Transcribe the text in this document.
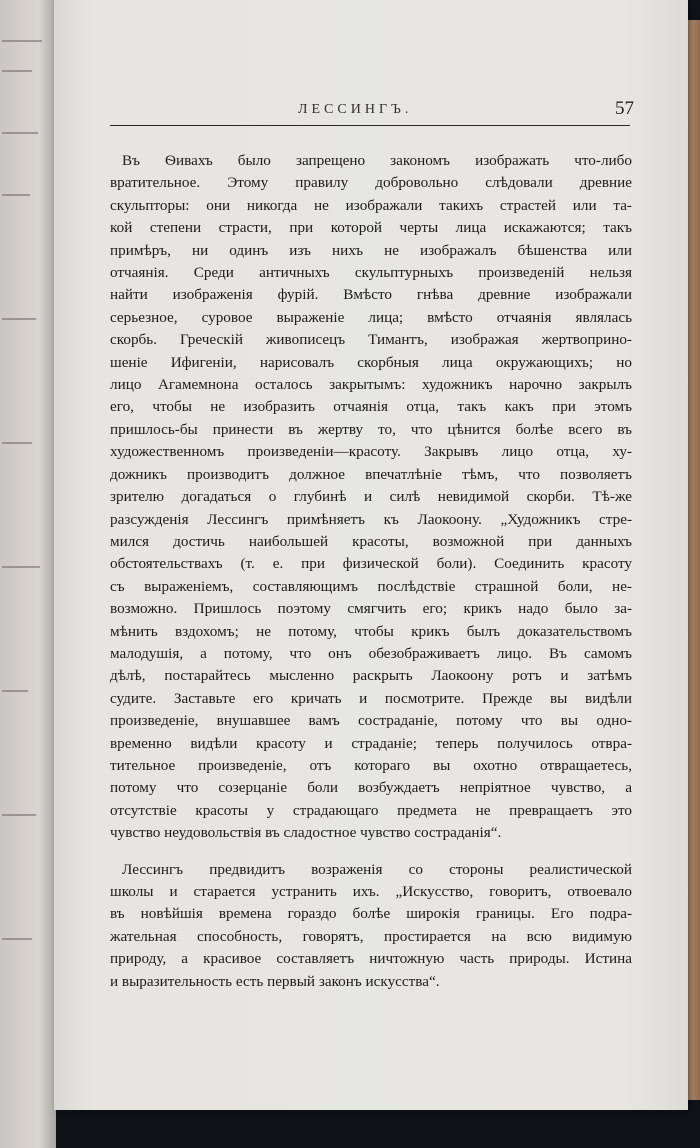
ЛЕССИНГЪ.	57
Въ Ѳивахъ было запрещено закономъ изображать что-либо
вратительное. Этому правилу добровольно слѣдовали древние
скульпторы: они никогда не изображали такихъ страстей или та-
кой степени страсти, при которой черты лица искажаются; такъ
примѣръ, ни одинъ изъ нихъ не изображалъ бѣшенства или
отчаянія. Среди античныхъ скульптурныхъ произведеній нельзя
найти изображенія фурій. Вмѣсто гнѣва древние изображали
серьезное, суровое выраженіе лица; вмѣсто отчаянія являлась
скорбь. Греческій живописецъ Тимантъ, изображая жертвоприно-
шеніе Ифигеніи, нарисовалъ скорбныя лица окружающихъ; но
лицо Агамемнона осталось закрытымъ: художникъ нарочно закрылъ
его, чтобы не изобразить отчаянія отца, такъ какъ при этомъ
пришлось-бы принести въ жертву то, что цѣнится болѣе всего въ
художественномъ произведеніи—красоту. Закрывъ лицо отца, ху-
дожникъ производитъ должное впечатлѣніе тѣмъ, что позволяетъ
зрителю догадаться о глубинѣ и силѣ невидимой скорби. Тѣ-же
разсужденія Лессингъ примѣняетъ къ Лаокоону. „Художникъ стре-
мился достичь наибольшей красоты, возможной при данныхъ
обстоятельствахъ (т. е. при физической боли). Соединить красоту
съ выраженіемъ, составляющимъ послѣдствіе страшной боли, не-
возможно. Пришлось поэтому смягчить его; крикъ надо было за-
мѣнить вздохомъ; не потому, чтобы крикъ былъ доказательствомъ
малодушія, а потому, что онъ обезображиваетъ лицо. Въ самомъ
дѣлѣ, постарайтесь мысленно раскрыть Лаокоону ротъ и затѣмъ
судите. Заставьте его кричать и посмотрите. Прежде вы видѣли
произведеніе, внушавшее вамъ состраданіе, потому что вы одно-
временно видѣли красоту и страданіе; теперь получилось отвра-
тительное произведеніе, отъ котораго вы охотно отвращаетесь,
потому что созерцаніе боли возбуждаетъ непріятное чувство, а
отсутствіе красоты у страдающаго предмета не превращаетъ это
чувство неудовольствія въ сладостное чувство состраданія“.
Лессингъ предвидитъ возраженія со стороны реалистической
школы и старается устранить ихъ. „Искусство, говоритъ, отвоевало
въ новѣйшія времена гораздо болѣе широкія границы. Его подра-
жательная способность, говорятъ, простирается на всю видимую
природу, а красивое составляетъ ничтожную часть природы. Истина
и выразительность есть первый законъ искусства“.
